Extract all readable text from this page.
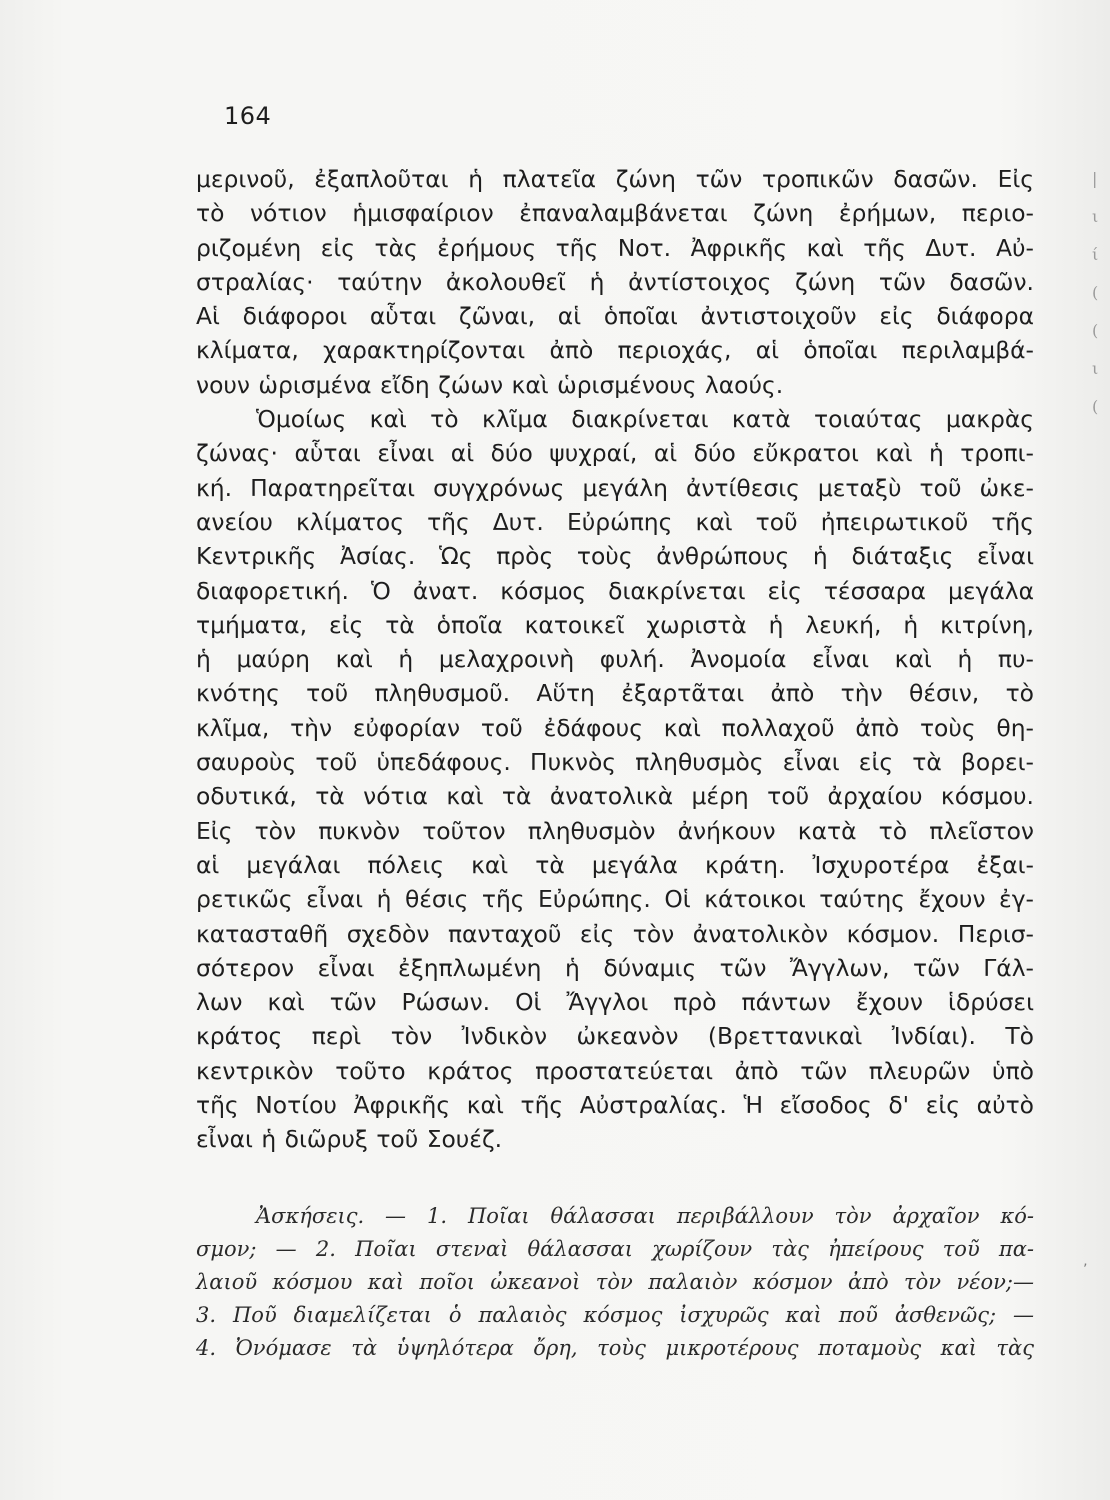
164
μερινοῦ, ἐξαπλοῦται ἡ πλατεῖα ζώνη τῶν τροπικῶν δασῶν. Εἰς
τὸ νότιον ἡμισφαίριον ἐπαναλαμβάνεται ζώνη ἐρήμων, περιο-
ριζομένη εἰς τὰς ἐρήμους τῆς Νοτ. Ἀφρικῆς καὶ τῆς Δυτ. Αὐ-
στραλίας· ταύτην ἀκολουθεῖ ἡ ἀντίστοιχος ζώνη τῶν δασῶν.
Αἱ διάφοροι αὗται ζῶναι, αἱ ὁποῖαι ἀντιστοιχοῦν εἰς διάφορα
κλίματα, χαρακτηρίζονται ἀπὸ περιοχάς, αἱ ὁποῖαι περιλαμβά-
νουν ὡρισμένα εἴδη ζώων καὶ ὡρισμένους λαούς.
Ὁμοίως καὶ τὸ κλῖμα διακρίνεται κατὰ τοιαύτας μακρὰς
ζώνας· αὗται εἶναι αἱ δύο ψυχραί, αἱ δύο εὔκρατοι καὶ ἡ τροπι-
κή. Παρατηρεῖται συγχρόνως μεγάλη ἀντίθεσις μεταξὺ τοῦ ὠκε-
ανείου κλίματος τῆς Δυτ. Εὐρώπης καὶ τοῦ ἠπειρωτικοῦ τῆς
Κεντρικῆς Ἀσίας. Ὡς πρὸς τοὺς ἀνθρώπους ἡ διάταξις εἶναι
διαφορετική. Ὁ ἀνατ. κόσμος διακρίνεται εἰς τέσσαρα μεγάλα
τμήματα, εἰς τὰ ὁποῖα κατοικεῖ χωριστὰ ἡ λευκή, ἡ κιτρίνη,
ἡ μαύρη καὶ ἡ μελαχροινὴ φυλή. Ἀνομοία εἶναι καὶ ἡ πυ-
κνότης τοῦ πληθυσμοῦ. Αὕτη ἐξαρτᾶται ἀπὸ τὴν θέσιν, τὸ
κλῖμα, τὴν εὐφορίαν τοῦ ἐδάφους καὶ πολλαχοῦ ἀπὸ τοὺς θη-
σαυροὺς τοῦ ὑπεδάφους. Πυκνὸς πληθυσμὸς εἶναι εἰς τὰ βορει-
οδυτικά, τὰ νότια καὶ τὰ ἀνατολικὰ μέρη τοῦ ἀρχαίου κόσμου.
Εἰς τὸν πυκνὸν τοῦτον πληθυσμὸν ἀνήκουν κατὰ τὸ πλεῖστον
αἱ μεγάλαι πόλεις καὶ τὰ μεγάλα κράτη. Ἰσχυροτέρα ἐξαι-
ρετικῶς εἶναι ἡ θέσις τῆς Εὐρώπης. Οἱ κάτοικοι ταύτης ἔχουν ἐγ-
κατασταθῆ σχεδὸν πανταχοῦ εἰς τὸν ἀνατολικὸν κόσμον. Περισ-
σότερον εἶναι ἐξηπλωμένη ἡ δύναμις τῶν Ἄγγλων, τῶν Γάλ-
λων καὶ τῶν Ρώσων. Οἱ Ἄγγλοι πρὸ πάντων ἔχουν ἱδρύσει
κράτος περὶ τὸν Ἰνδικὸν ὠκεανὸν (Βρεττανικαὶ Ἰνδίαι). Τὸ
κεντρικὸν τοῦτο κράτος προστατεύεται ἀπὸ τῶν πλευρῶν ὑπὸ
τῆς Νοτίου Ἀφρικῆς καὶ τῆς Αὐστραλίας. Ἡ εἴσοδος δ' εἰς αὐτὸ
εἶναι ἡ διῶρυξ τοῦ Σουέζ.
Ἀσκήσεις. — 1. Ποῖαι θάλασσαι περιβάλλουν τὸν ἀρχαῖον κό-
σμον; — 2. Ποῖαι στεναὶ θάλασσαι χωρίζουν τὰς ἠπείρους τοῦ πα-
λαιοῦ κόσμου καὶ ποῖοι ὠκεανοὶ τὸν παλαιὸν κόσμον ἀπὸ τὸν νέον;—
3. Ποῦ διαμελίζεται ὁ παλαιὸς κόσμος ἰσχυρῶς καὶ ποῦ ἀσθενῶς; —
4. Ὀνόμασε τὰ ὑψηλότερα ὄρη, τοὺς μικροτέρους ποταμοὺς καὶ τὰς
|
ι
ί
(
(
ι
(
’
